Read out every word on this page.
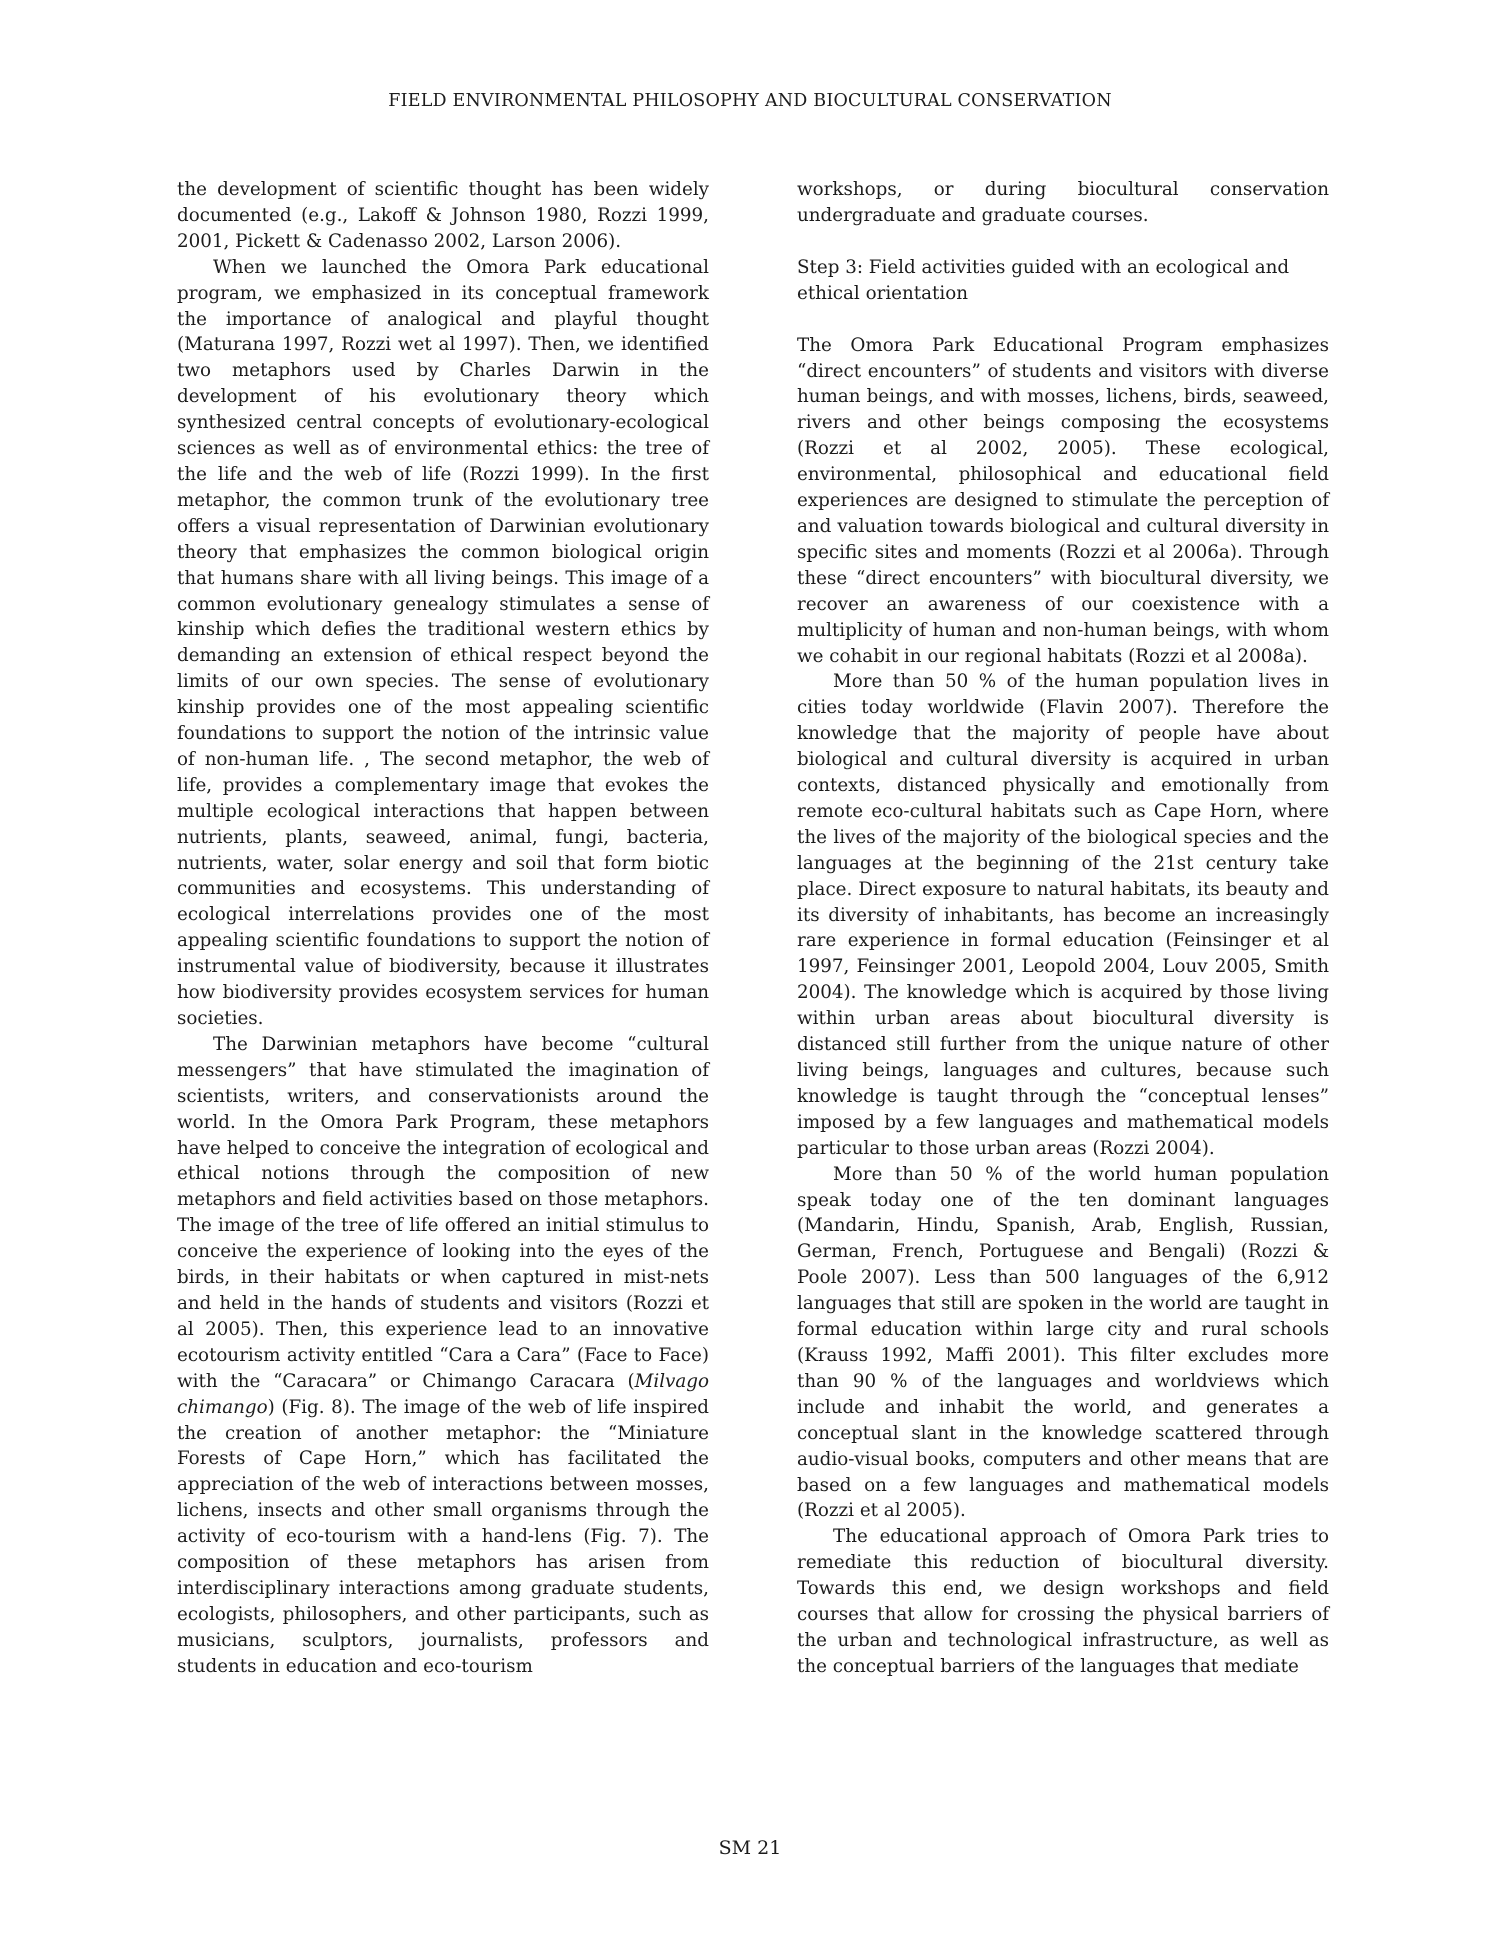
FIELD ENVIRONMENTAL PHILOSOPHY AND BIOCULTURAL CONSERVATION

the development of scientific thought has been widely documented (e.g., Lakoff & Johnson 1980, Rozzi 1999, 2001, Pickett & Cadenasso 2002, Larson 2006).

When we launched the Omora Park educational program, we emphasized in its conceptual framework the importance of analogical and playful thought (Maturana 1997, Rozzi wet al 1997). Then, we identified two metaphors used by Charles Darwin in the development of his evolutionary theory which synthesized central concepts of evolutionary-ecological sciences as well as of environmental ethics: the tree of the life and the web of life (Rozzi 1999). In the first metaphor, the common trunk of the evolutionary tree offers a visual representation of Darwinian evolutionary theory that emphasizes the common biological origin that humans share with all living beings. This image of a common evolutionary genealogy stimulates a sense of kinship which defies the traditional western ethics by demanding an extension of ethical respect beyond the limits of our own species. The sense of evolutionary kinship provides one of the most appealing scientific foundations to support the notion of the intrinsic value of non-human life. , The second metaphor, the web of life, provides a complementary image that evokes the multiple ecological interactions that happen between nutrients, plants, seaweed, animal, fungi, bacteria, nutrients, water, solar energy and soil that form biotic communities and ecosystems. This understanding of ecological interrelations provides one of the most appealing scientific foundations to support the notion of instrumental value of biodiversity, because it illustrates how biodiversity provides ecosystem services for human societies.

The Darwinian metaphors have become “cultural messengers” that have stimulated the imagination of scientists, writers, and conservationists around the world. In the Omora Park Program, these metaphors have helped to conceive the integration of ecological and ethical notions through the composition of new metaphors and field activities based on those metaphors. The image of the tree of life offered an initial stimulus to conceive the experience of looking into the eyes of the birds, in their habitats or when captured in mist-nets and held in the hands of students and visitors (Rozzi et al 2005). Then, this experience lead to an innovative ecotourism activity entitled “Cara a Cara” (Face to Face) with the “Caracara” or Chimango Caracara (Milvago chimango) (Fig. 8). The image of the web of life inspired the creation of another metaphor: the “Miniature Forests of Cape Horn,” which has facilitated the appreciation of the web of interactions between mosses, lichens, insects and other small organisms through the activity of eco-tourism with a hand-lens (Fig. 7). The composition of these metaphors has arisen from interdisciplinary interactions among graduate students, ecologists, philosophers, and other participants, such as musicians, sculptors, journalists, professors and students in education and eco-tourism

workshops, or during biocultural conservation undergraduate and graduate courses.

Step 3: Field activities guided with an ecological and ethical orientation

The Omora Park Educational Program emphasizes “direct encounters” of students and visitors with diverse human beings, and with mosses, lichens, birds, seaweed, rivers and other beings composing the ecosystems (Rozzi et al 2002, 2005). These ecological, environmental, philosophical and educational field experiences are designed to stimulate the perception of and valuation towards biological and cultural diversity in specific sites and moments (Rozzi et al 2006a). Through these “direct encounters” with biocultural diversity, we recover an awareness of our coexistence with a multiplicity of human and non-human beings, with whom we cohabit in our regional habitats (Rozzi et al 2008a).

More than 50 % of the human population lives in cities today worldwide (Flavin 2007). Therefore the knowledge that the majority of people have about biological and cultural diversity is acquired in urban contexts, distanced physically and emotionally from remote eco-cultural habitats such as Cape Horn, where the lives of the majority of the biological species and the languages at the beginning of the 21st century take place. Direct exposure to natural habitats, its beauty and its diversity of inhabitants, has become an increasingly rare experience in formal education (Feinsinger et al 1997, Feinsinger 2001, Leopold 2004, Louv 2005, Smith 2004). The knowledge which is acquired by those living within urban areas about biocultural diversity is distanced still further from the unique nature of other living beings, languages and cultures, because such knowledge is taught through the “conceptual lenses” imposed by a few languages and mathematical models particular to those urban areas (Rozzi 2004).

More than 50 % of the world human population speak today one of the ten dominant languages (Mandarin, Hindu, Spanish, Arab, English, Russian, German, French, Portuguese and Bengali) (Rozzi & Poole 2007). Less than 500 languages of the 6,912 languages that still are spoken in the world are taught in formal education within large city and rural schools (Krauss 1992, Maffi 2001). This filter excludes more than 90 % of the languages and worldviews which include and inhabit the world, and generates a conceptual slant in the knowledge scattered through audio-visual books, computers and other means that are based on a few languages and mathematical models (Rozzi et al 2005).

The educational approach of Omora Park tries to remediate this reduction of biocultural diversity. Towards this end, we design workshops and field courses that allow for crossing the physical barriers of the urban and technological infrastructure, as well as the conceptual barriers of the languages that mediate

SM 21
